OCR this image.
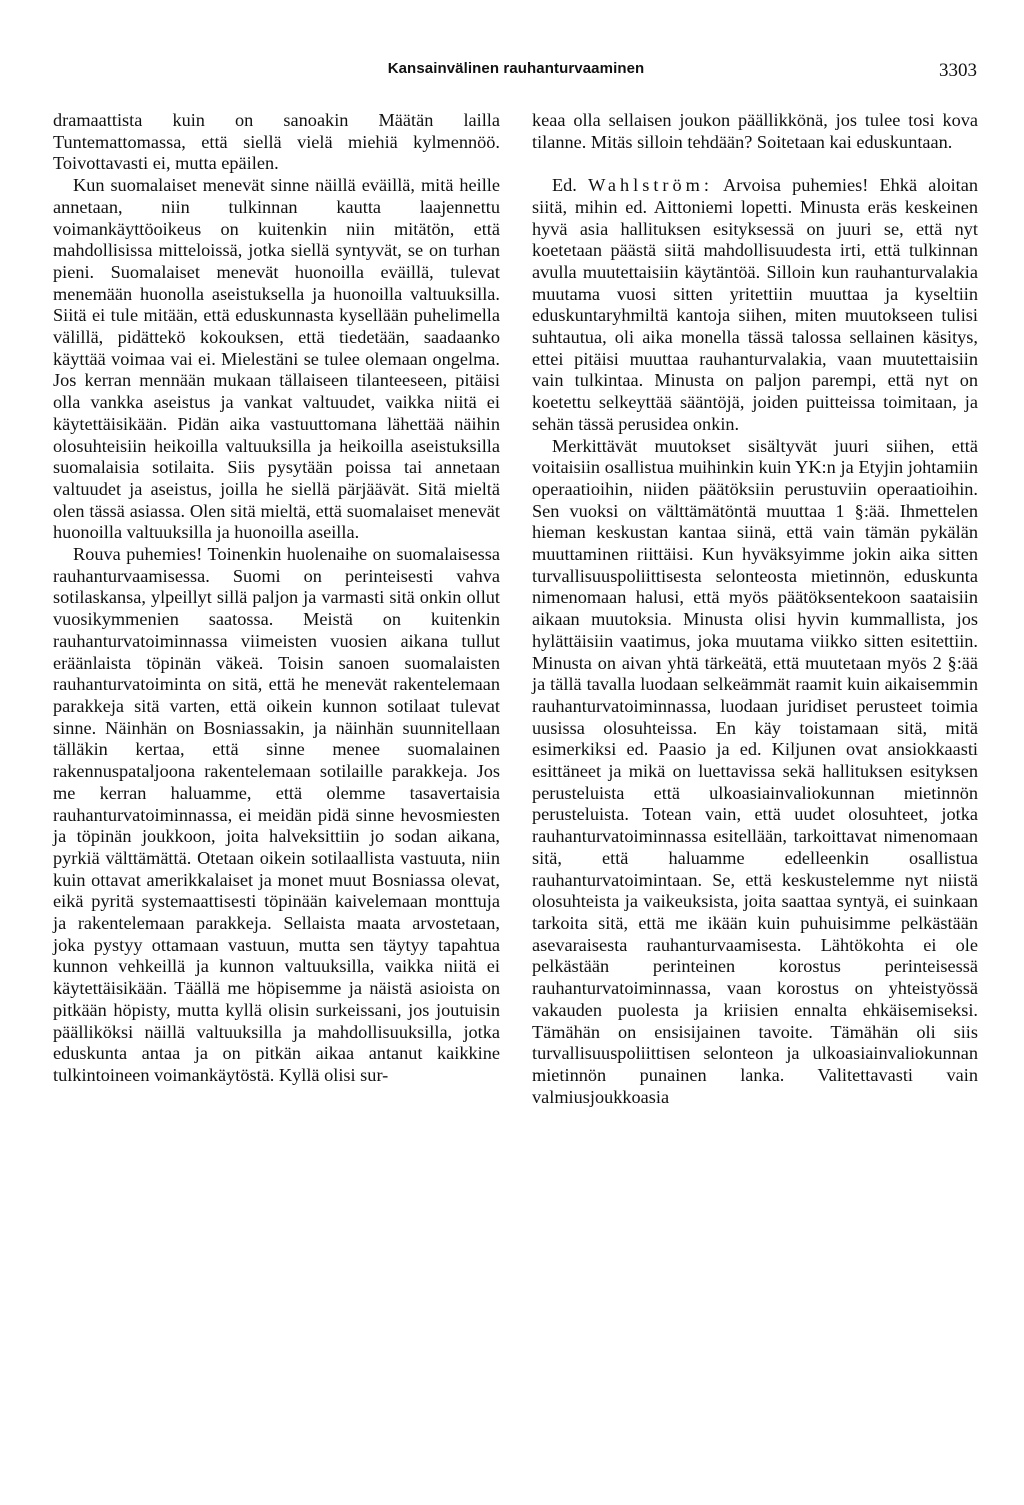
Kansainvälinen rauhanturvaaminen	3303

dramaattista kuin on sanoakin Määtän lailla Tuntemattomassa, että siellä vielä miehiä kylmennöö. Toivottavasti ei, mutta epäilen.

Kun suomalaiset menevät sinne näillä eväillä, mitä heille annetaan, niin tulkinnan kautta laajennettu voimankäyttöoikeus on kuitenkin niin mitätön, että mahdollisissa mitteloissä, jotka siellä syntyvät, se on turhan pieni. Suomalaiset menevät huonoilla eväillä, tulevat menemään huonolla aseistuksella ja huonoilla valtuuksilla. Siitä ei tule mitään, että eduskunnasta kysellään puhelimella välillä, pidättekö kokouksen, että tiedetään, saadaanko käyttää voimaa vai ei. Mielestäni se tulee olemaan ongelma. Jos kerran mennään mukaan tällaiseen tilanteeseen, pitäisi olla vankka aseistus ja vankat valtuudet, vaikka niitä ei käytettäisikään. Pidän aika vastuuttomana lähettää näihin olosuhteisiin heikoilla valtuuksilla ja heikoilla aseistuksilla suomalaisia sotilaita. Siis pysytään poissa tai annetaan valtuudet ja aseistus, joilla he siellä pärjäävät. Sitä mieltä olen tässä asiassa. Olen sitä mieltä, että suomalaiset menevät huonoilla valtuuksilla ja huonoilla aseilla.

Rouva puhemies! Toinenkin huolenaihe on suomalaisessa rauhanturvaamisessa. Suomi on perinteisesti vahva sotilaskansa, ylpeillyt sillä paljon ja varmasti sitä onkin ollut vuosikymmenien saatossa. Meistä on kuitenkin rauhanturvatoiminnassa viimeisten vuosien aikana tullut eräänlaista töpinän väkeä. Toisin sanoen suomalaisten rauhanturvatoiminta on sitä, että he menevät rakentelemaan parakkeja sitä varten, että oikein kunnon sotilaat tulevat sinne. Näinhän on Bosniassakin, ja näinhän suunnitellaan tälläkin kertaa, että sinne menee suomalainen rakennuspataljoona rakentelemaan sotilaille parakkeja. Jos me kerran haluamme, että olemme tasavertaisia rauhanturvatoiminnassa, ei meidän pidä sinne hevosmiesten ja töpinän joukkoon, joita halveksittiin jo sodan aikana, pyrkiä välttämättä. Otetaan oikein sotilaallista vastuuta, niin kuin ottavat amerikkalaiset ja monet muut Bosniassa olevat, eikä pyritä systemaattisesti töpinään kaivelemaan monttuja ja rakentelemaan parakkeja. Sellaista maata arvostetaan, joka pystyy ottamaan vastuun, mutta sen täytyy tapahtua kunnon vehkeillä ja kunnon valtuuksilla, vaikka niitä ei käytettäisikään. Täällä me höpisemme ja näistä asioista on pitkään höpisty, mutta kyllä olisin surkeissani, jos joutuisin päälliköksi näillä valtuuksilla ja mahdollisuuksilla, jotka eduskunta antaa ja on pitkän aikaa antanut kaikkine tulkintoineen voimankäytöstä. Kyllä olisi sur-

keaa olla sellaisen joukon päällikkönä, jos tulee tosi kova tilanne. Mitäs silloin tehdään? Soitetaan kai eduskuntaan.

Ed. Wahlström: Arvoisa puhemies! Ehkä aloitan siitä, mihin ed. Aittoniemi lopetti. Minusta eräs keskeinen hyvä asia hallituksen esityksessä on juuri se, että nyt koetetaan päästä siitä mahdollisuudesta irti, että tulkinnan avulla muutettaisiin käytäntöä. Silloin kun rauhanturvalakia muutama vuosi sitten yritettiin muuttaa ja kyseltiin eduskuntaryhmiltä kantoja siihen, miten muutokseen tulisi suhtautua, oli aika monella tässä talossa sellainen käsitys, ettei pitäisi muuttaa rauhanturvalakia, vaan muutettaisiin vain tulkintaa. Minusta on paljon parempi, että nyt on koetettu selkeyttää sääntöjä, joiden puitteissa toimitaan, ja sehän tässä perusidea onkin.

Merkittävät muutokset sisältyvät juuri siihen, että voitaisiin osallistua muihinkin kuin YK:n ja Etyjin johtamiin operaatioihin, niiden päätöksiin perustuviin operaatioihin. Sen vuoksi on välttämätöntä muuttaa 1 §:ää. Ihmettelen hieman keskustan kantaa siinä, että vain tämän pykälän muuttaminen riittäisi. Kun hyväksyimme jokin aika sitten turvallisuuspoliittisesta selonteosta mietinnön, eduskunta nimenomaan halusi, että myös päätöksentekoon saataisiin aikaan muutoksia. Minusta olisi hyvin kummallista, jos hylättäisiin vaatimus, joka muutama viikko sitten esitettiin. Minusta on aivan yhtä tärkeätä, että muutetaan myös 2 §:ää ja tällä tavalla luodaan selkeämmät raamit kuin aikaisemmin rauhanturvatoiminnassa, luodaan juridiset perusteet toimia uusissa olosuhteissa. En käy toistamaan sitä, mitä esimerkiksi ed. Paasio ja ed. Kiljunen ovat ansiokkaasti esittäneet ja mikä on luettavissa sekä hallituksen esityksen perusteluista että ulkoasiainvaliokunnan mietinnön perusteluista. Totean vain, että uudet olosuhteet, jotka rauhanturvatoiminnassa esitellään, tarkoittavat nimenomaan sitä, että haluamme edelleenkin osallistua rauhanturvatoimintaan. Se, että keskustelemme nyt niistä olosuhteista ja vaikeuksista, joita saattaa syntyä, ei suinkaan tarkoita sitä, että me ikään kuin puhuisimme pelkästään asevaraisesta rauhanturvaamisesta. Lähtökohta ei ole pelkästään perinteinen korostus perinteisessä rauhanturvatoiminnassa, vaan korostus on yhteistyössä vakauden puolesta ja kriisien ennalta ehkäisemiseksi. Tämähän on ensisijainen tavoite. Tämähän oli siis turvallisuuspoliittisen selonteon ja ulkoasiainvaliokunnan mietinnön punainen lanka. Valitettavasti vain valmiusjoukkoasia
